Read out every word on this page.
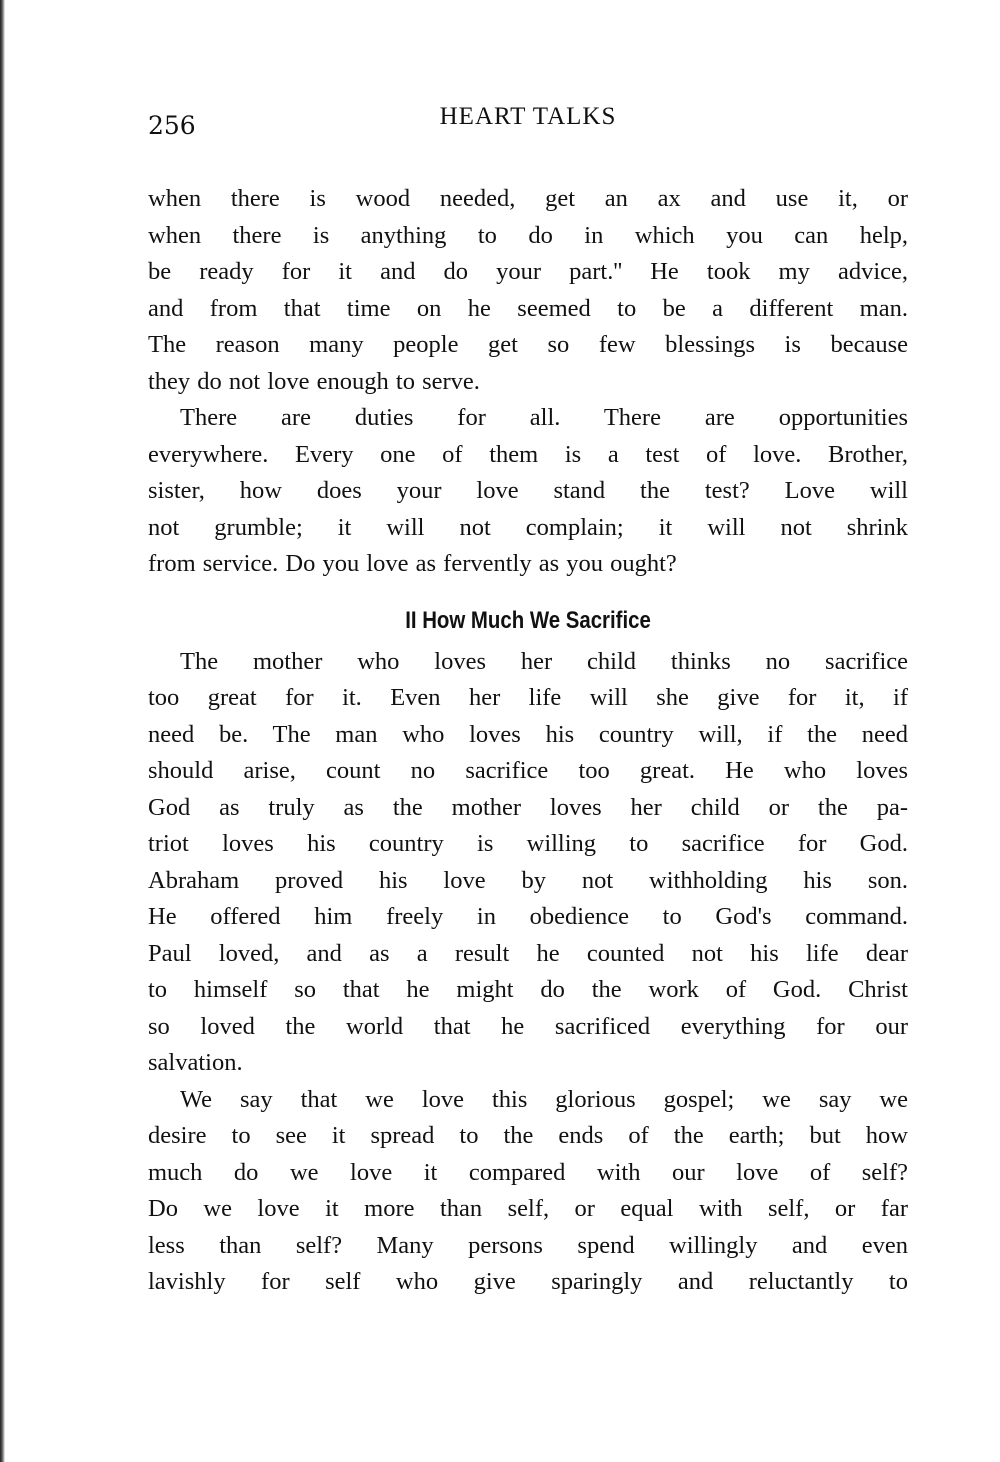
256	HEART TALKS
when there is wood needed, get an ax and use it, or
when there is anything to do in which you can help,
be ready for it and do your part.'' He took my advice,
and from that time on he seemed to be a different man.
The reason many people get so few blessings is because
they do not love enough to serve.
There are duties for all. There are opportunities
everywhere. Every one of them is a test of love. Brother,
sister, how does your love stand the test? Love will
not grumble; it will not complain; it will not shrink
from service. Do you love as fervently as you ought?
II How Much We Sacrifice
The mother who loves her child thinks no sacrifice
too great for it. Even her life will she give for it, if
need be. The man who loves his country will, if the need
should arise, count no sacrifice too great. He who loves
God as truly as the mother loves her child or the pa-
triot loves his country is willing to sacrifice for God.
Abraham proved his love by not withholding his son.
He offered him freely in obedience to God's command.
Paul loved, and as a result he counted not his life dear
to himself so that he might do the work of God. Christ
so loved the world that he sacrificed everything for our
salvation.
We say that we love this glorious gospel; we say we
desire to see it spread to the ends of the earth; but how
much do we love it compared with our love of self?
Do we love it more than self, or equal with self, or far
less than self? Many persons spend willingly and even
lavishly for self who give sparingly and reluctantly to
